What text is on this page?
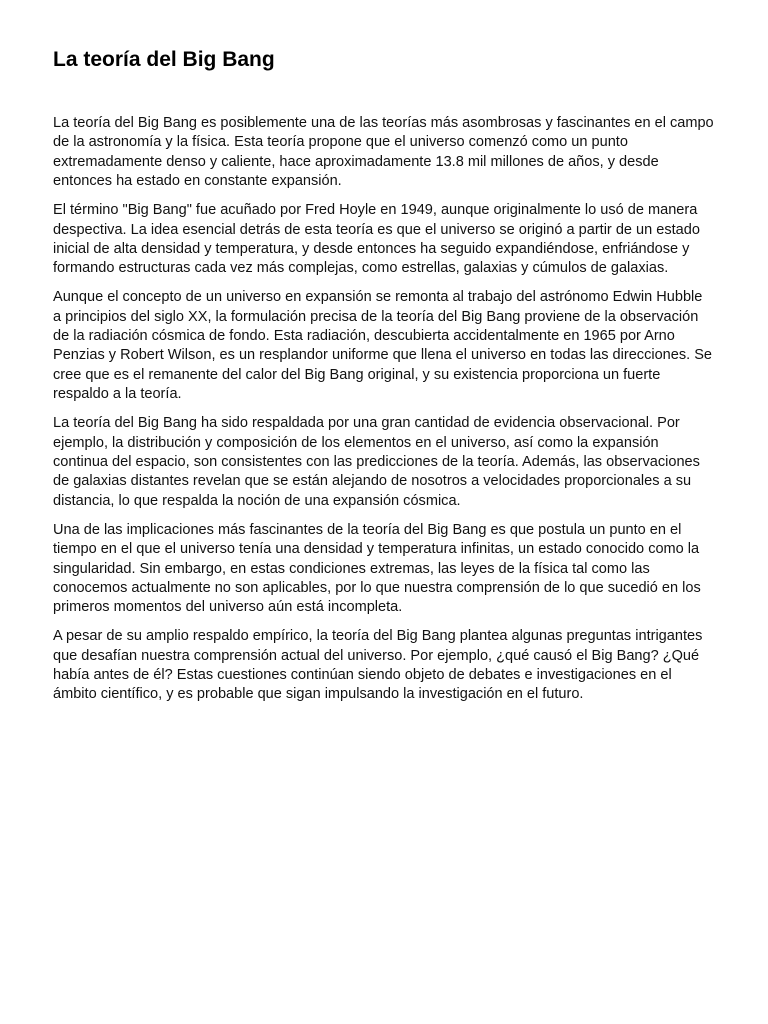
La teoría del Big Bang

La teoría del Big Bang es posiblemente una de las teorías más asombrosas y fascinantes en el campo
de la astronomía y la física. Esta teoría propone que el universo comenzó como un punto
extremadamente denso y caliente, hace aproximadamente 13.8 mil millones de años, y desde
entonces ha estado en constante expansión.

El término "Big Bang" fue acuñado por Fred Hoyle en 1949, aunque originalmente lo usó de manera
despectiva. La idea esencial detrás de esta teoría es que el universo se originó a partir de un estado
inicial de alta densidad y temperatura, y desde entonces ha seguido expandiéndose, enfriándose y
formando estructuras cada vez más complejas, como estrellas, galaxias y cúmulos de galaxias.

Aunque el concepto de un universo en expansión se remonta al trabajo del astrónomo Edwin Hubble
a principios del siglo XX, la formulación precisa de la teoría del Big Bang proviene de la observación
de la radiación cósmica de fondo. Esta radiación, descubierta accidentalmente en 1965 por Arno
Penzias y Robert Wilson, es un resplandor uniforme que llena el universo en todas las direcciones. Se
cree que es el remanente del calor del Big Bang original, y su existencia proporciona un fuerte
respaldo a la teoría.

La teoría del Big Bang ha sido respaldada por una gran cantidad de evidencia observacional. Por
ejemplo, la distribución y composición de los elementos en el universo, así como la expansión
continua del espacio, son consistentes con las predicciones de la teoría. Además, las observaciones
de galaxias distantes revelan que se están alejando de nosotros a velocidades proporcionales a su
distancia, lo que respalda la noción de una expansión cósmica.

Una de las implicaciones más fascinantes de la teoría del Big Bang es que postula un punto en el
tiempo en el que el universo tenía una densidad y temperatura infinitas, un estado conocido como la
singularidad. Sin embargo, en estas condiciones extremas, las leyes de la física tal como las
conocemos actualmente no son aplicables, por lo que nuestra comprensión de lo que sucedió en los
primeros momentos del universo aún está incompleta.

A pesar de su amplio respaldo empírico, la teoría del Big Bang plantea algunas preguntas intrigantes
que desafían nuestra comprensión actual del universo. Por ejemplo, ¿qué causó el Big Bang? ¿Qué
había antes de él? Estas cuestiones continúan siendo objeto de debates e investigaciones en el
ámbito científico, y es probable que sigan impulsando la investigación en el futuro.
